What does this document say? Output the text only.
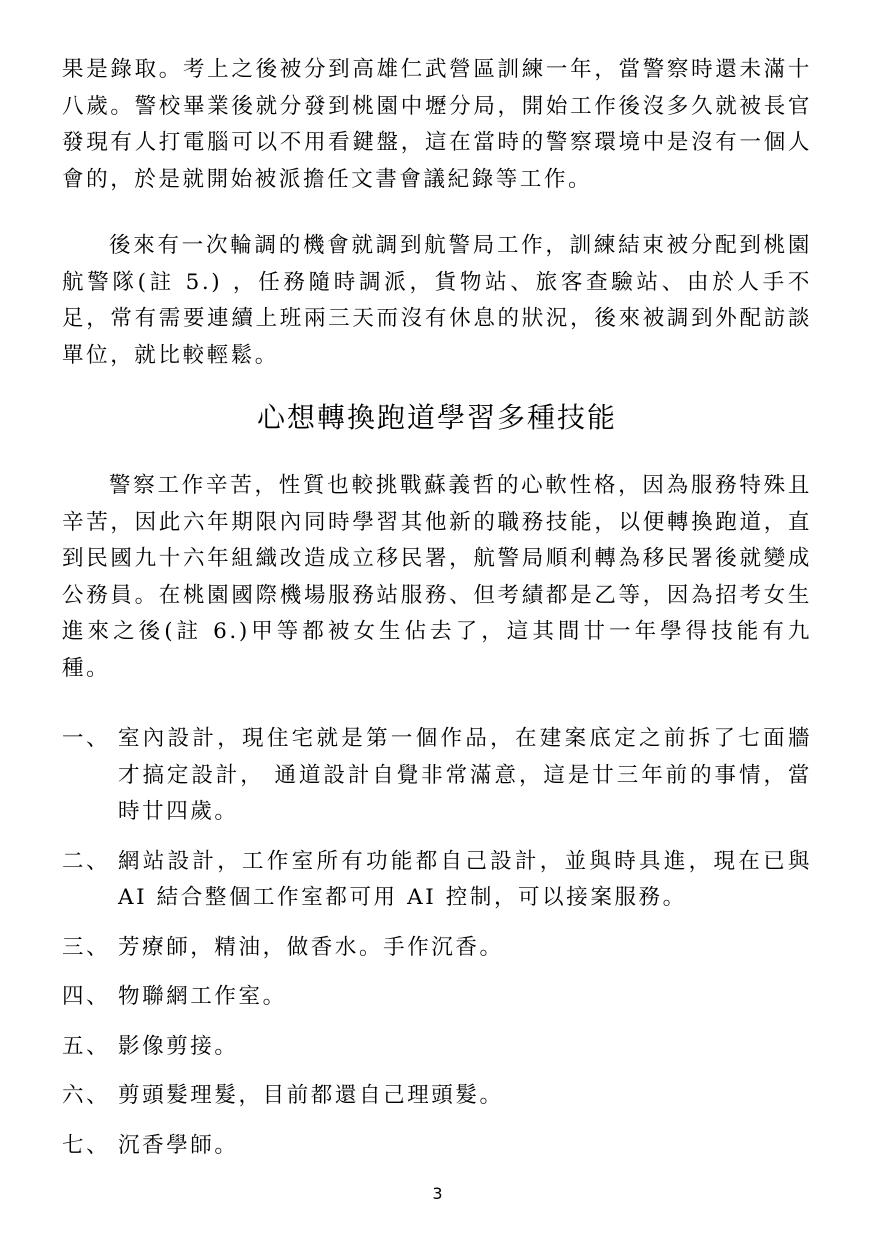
果是錄取。考上之後被分到高雄仁武營區訓練一年，當警察時還未滿十八歲。警校畢業後就分發到桃園中壢分局，開始工作後沒多久就被長官發現有人打電腦可以不用看鍵盤，這在當時的警察環境中是沒有一個人會的，於是就開始被派擔任文書會議紀錄等工作。

後來有一次輪調的機會就調到航警局工作，訓練結束被分配到桃園航警隊(註 5.) ，任務隨時調派，貨物站、旅客查驗站、由於人手不足，常有需要連續上班兩三天而沒有休息的狀況，後來被調到外配訪談單位，就比較輕鬆。

心想轉換跑道學習多種技能

警察工作辛苦，性質也較挑戰蘇義哲的心軟性格，因為服務特殊且辛苦，因此六年期限內同時學習其他新的職務技能，以便轉換跑道，直到民國九十六年組織改造成立移民署，航警局順利轉為移民署後就變成公務員。在桃園國際機場服務站服務、但考績都是乙等，因為招考女生進來之後(註 6.)甲等都被女生佔去了，這其間廿一年學得技能有九種。

一、 室內設計，現住宅就是第一個作品，在建案底定之前拆了七面牆才搞定設計， 通道設計自覺非常滿意，這是廿三年前的事情，當時廿四歲。
二、 網站設計，工作室所有功能都自己設計，並與時具進，現在已與 AI 結合整個工作室都可用 AI 控制，可以接案服務。
三、 芳療師，精油，做香水。手作沉香。
四、 物聯網工作室。
五、 影像剪接。
六、 剪頭髮理髮，目前都還自己理頭髮。
七、 沉香學師。
3
